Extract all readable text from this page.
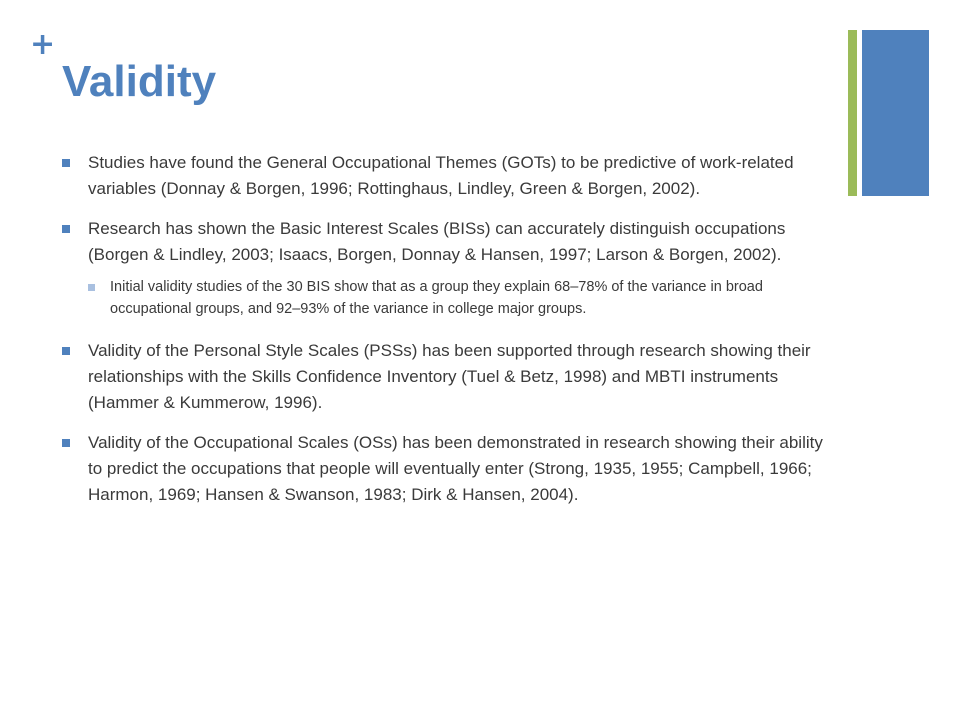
+
Validity

Studies have found the General Occupational Themes (GOTs) to be predictive of work-related variables (Donnay & Borgen, 1996; Rottinghaus, Lindley, Green & Borgen, 2002).

Research has shown the Basic Interest Scales (BISs) can accurately distinguish occupations (Borgen & Lindley, 2003; Isaacs, Borgen, Donnay & Hansen, 1997; Larson & Borgen, 2002).

Initial validity studies of the 30 BIS show that as a group they explain 68–78% of the variance in broad occupational groups, and 92–93% of the variance in college major groups.

Validity of the Personal Style Scales (PSSs) has been supported through research showing their relationships with the Skills Confidence Inventory (Tuel & Betz, 1998) and MBTI instruments (Hammer & Kummerow, 1996).

Validity of the Occupational Scales (OSs) has been demonstrated in research showing their ability to predict the occupations that people will eventually enter (Strong, 1935, 1955; Campbell, 1966; Harmon, 1969; Hansen & Swanson, 1983; Dirk & Hansen, 2004).
